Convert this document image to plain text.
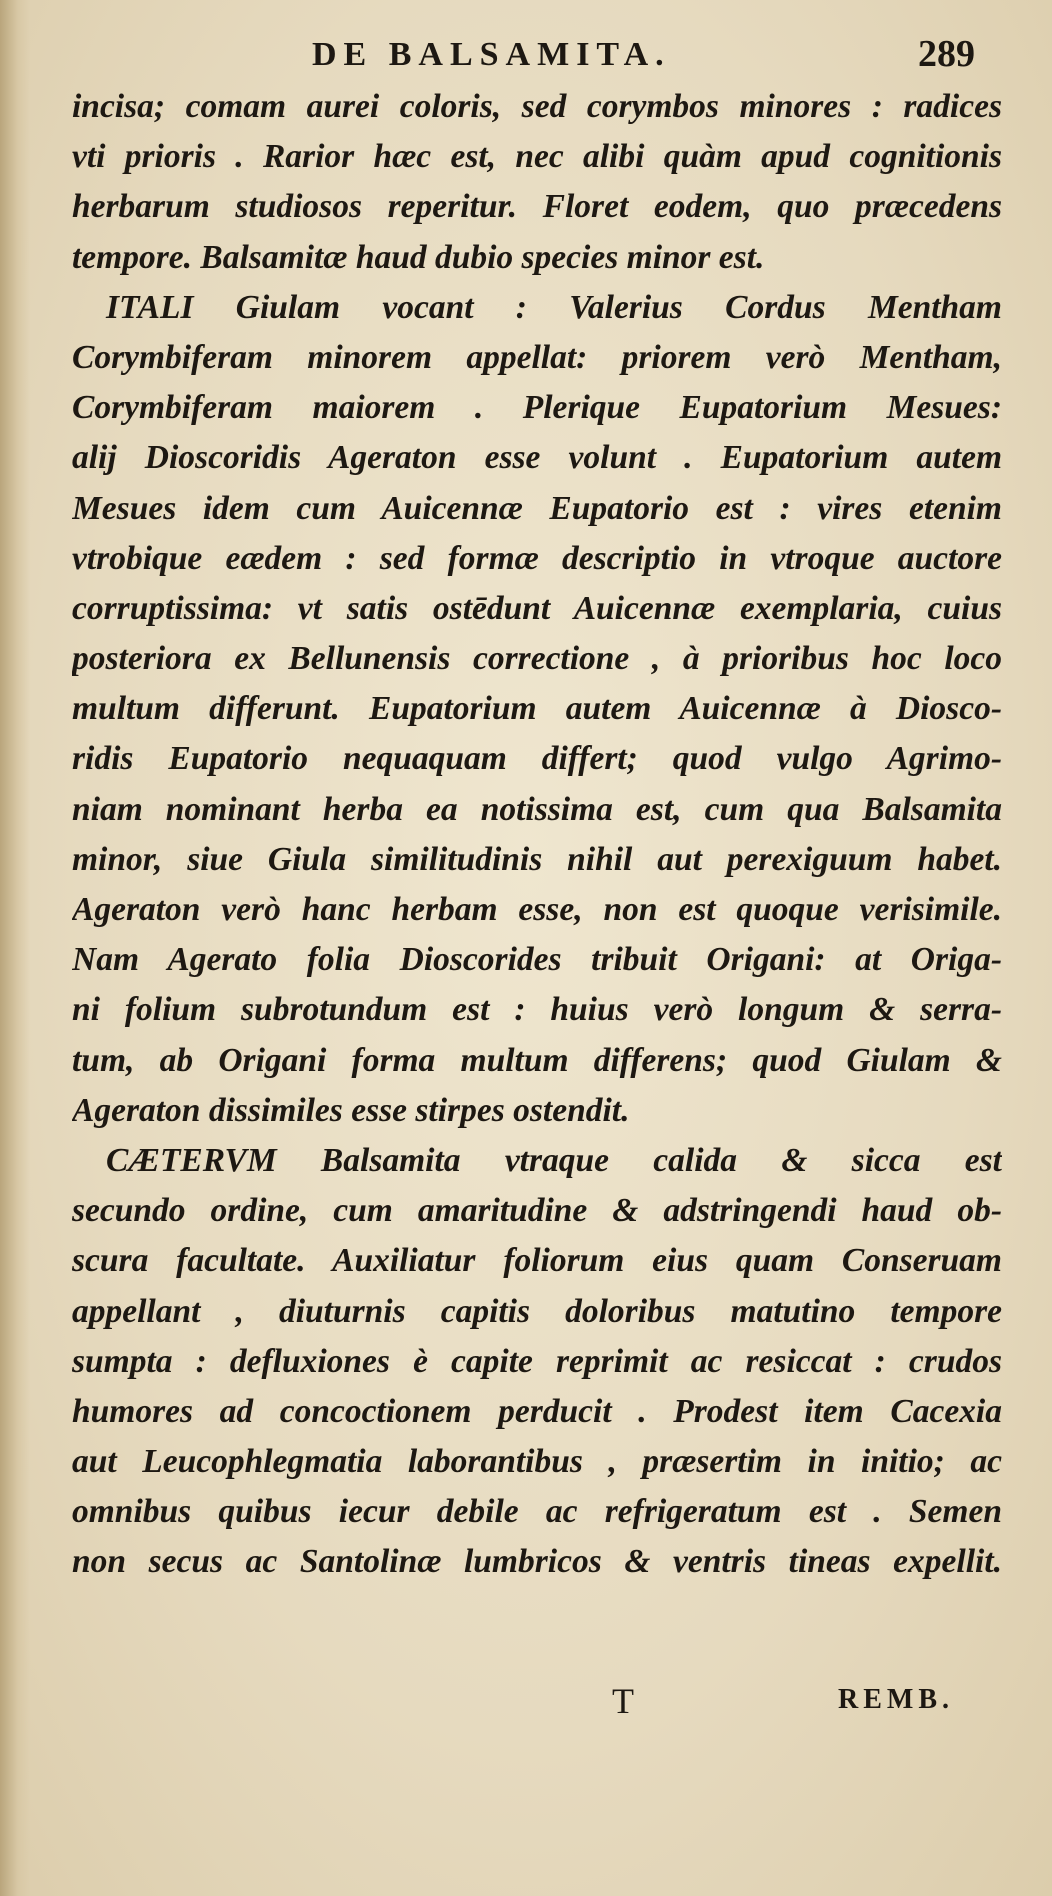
DE BALSAMITA.	289
incisa; comam aurei coloris, sed corymbos minores : radices
vti prioris . Rarior hæc est, nec alibi quàm apud cognitionis
herbarum studiosos reperitur. Floret eodem, quo præcedens
tempore. Balsamitæ haud dubio species minor est.
ITALI Giulam vocant : Valerius Cordus Mentham
Corymbiferam minorem appellat: priorem verò Mentham,
Corymbiferam maiorem . Plerique Eupatorium Mesues:
alij Dioscoridis Ageraton esse volunt . Eupatorium autem
Mesues idem cum Auicennæ Eupatorio est : vires etenim
vtrobique eædem : sed formæ descriptio in vtroque auctore
corruptissima: vt satis ostēdunt Auicennæ exemplaria, cuius
posteriora ex Bellunensis correctione , à prioribus hoc loco
multum differunt. Eupatorium autem Auicennæ à Diosco-
ridis Eupatorio nequaquam differt; quod vulgo Agrimo-
niam nominant herba ea notissima est, cum qua Balsamita
minor, siue Giula similitudinis nihil aut perexiguum habet.
Ageraton verò hanc herbam esse, non est quoque verisimile.
Nam Agerato folia Dioscorides tribuit Origani: at Origa-
ni folium subrotundum est : huius verò longum & serra-
tum, ab Origani forma multum differens; quod Giulam &
Ageraton dissimiles esse stirpes ostendit.
CÆTERVM Balsamita vtraque calida & sicca est
secundo ordine, cum amaritudine & adstringendi haud ob-
scura facultate. Auxiliatur foliorum eius quam Conseruam
appellant , diuturnis capitis doloribus matutino tempore
sumpta : defluxiones è capite reprimit ac resiccat : crudos
humores ad concoctionem perducit . Prodest item Cacexia
aut Leucophlegmatia laborantibus , præsertim in initio; ac
omnibus quibus iecur debile ac refrigeratum est . Semen
non secus ac Santolinæ lumbricos & ventris tineas expellit.
T	REMB.
